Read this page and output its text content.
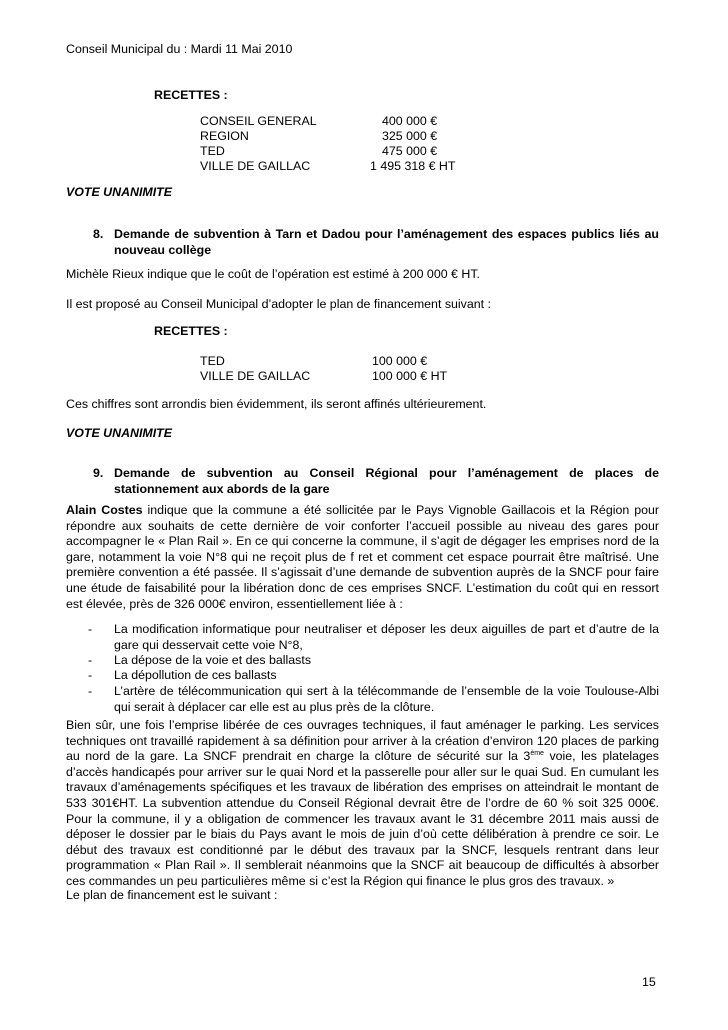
Conseil Municipal du : Mardi 11 Mai 2010
RECETTES :
CONSEIL GENERAL	400 000 €
REGION	325 000 €
TED	475 000 €
VILLE DE GAILLAC	1 495 318 € HT
VOTE UNANIMITE
8. Demande de subvention à Tarn et Dadou pour l’aménagement des espaces publics liés au
nouveau collège
Michèle Rieux indique que le coût de l’opération est estimé à 200 000 € HT.
Il est proposé au Conseil Municipal d’adopter le plan de financement suivant :
RECETTES :
TED	100 000 €
VILLE DE GAILLAC	100 000 € HT
Ces chiffres sont arrondis bien évidemment, ils seront affinés ultérieurement.
VOTE UNANIMITE
9. Demande de subvention au Conseil Régional pour l’aménagement de places de
stationnement aux abords de la gare
Alain Costes indique que la commune a été sollicitée par le Pays Vignoble Gaillacois et la Région pour répondre aux souhaits de cette dernière de voir conforter l’accueil possible au niveau des gares pour accompagner le « Plan Rail ». En ce qui concerne la commune, il s’agit de dégager les emprises nord de la gare, notamment la voie N°8 qui ne reçoit plus de f ret et comment cet espace pourrait être maîtrisé. Une première convention a été passée. Il s’agissait d’une demande de subvention auprès de la SNCF pour faire une étude de faisabilité pour la libération donc de ces emprises SNCF. L’estimation du coût qui en ressort est élevée, près de 326 000€ environ, essentiellement liée à :
- La modification informatique pour neutraliser et déposer les deux aiguilles de part et d’autre de la gare qui desservait cette voie N°8,
- La dépose de la voie et des ballasts
- La dépollution de ces ballasts
- L’artère de télécommunication qui sert à la télécommande de l’ensemble de la voie Toulouse-Albi qui serait à déplacer car elle est au plus près de la clôture.
Bien sûr, une fois l’emprise libérée de ces ouvrages techniques, il faut aménager le parking. Les services techniques ont travaillé rapidement à sa définition pour arriver à la création d’environ 120 places de parking au nord de la gare. La SNCF prendrait en charge la clôture de sécurité sur la 3ème voie, les platelages d’accès handicapés pour arriver sur le quai Nord et la passerelle pour aller sur le quai Sud. En cumulant les travaux d’aménagements spécifiques et les travaux de libération des emprises on atteindrait le montant de 533 301€HT. La subvention attendue du Conseil Régional devrait être de l’ordre de 60 % soit 325 000€. Pour la commune, il y a obligation de commencer les travaux avant le 31 décembre 2011 mais aussi de déposer le dossier par le biais du Pays avant le mois de juin d’où cette délibération à prendre ce soir. Le début des travaux est conditionné par le début des travaux par la SNCF, lesquels rentrant dans leur programmation « Plan Rail ». Il semblerait néanmoins que la SNCF ait beaucoup de difficultés à absorber ces commandes un peu particulières même si c’est la Région qui finance le plus gros des travaux. »
Le plan de financement est le suivant :
15
